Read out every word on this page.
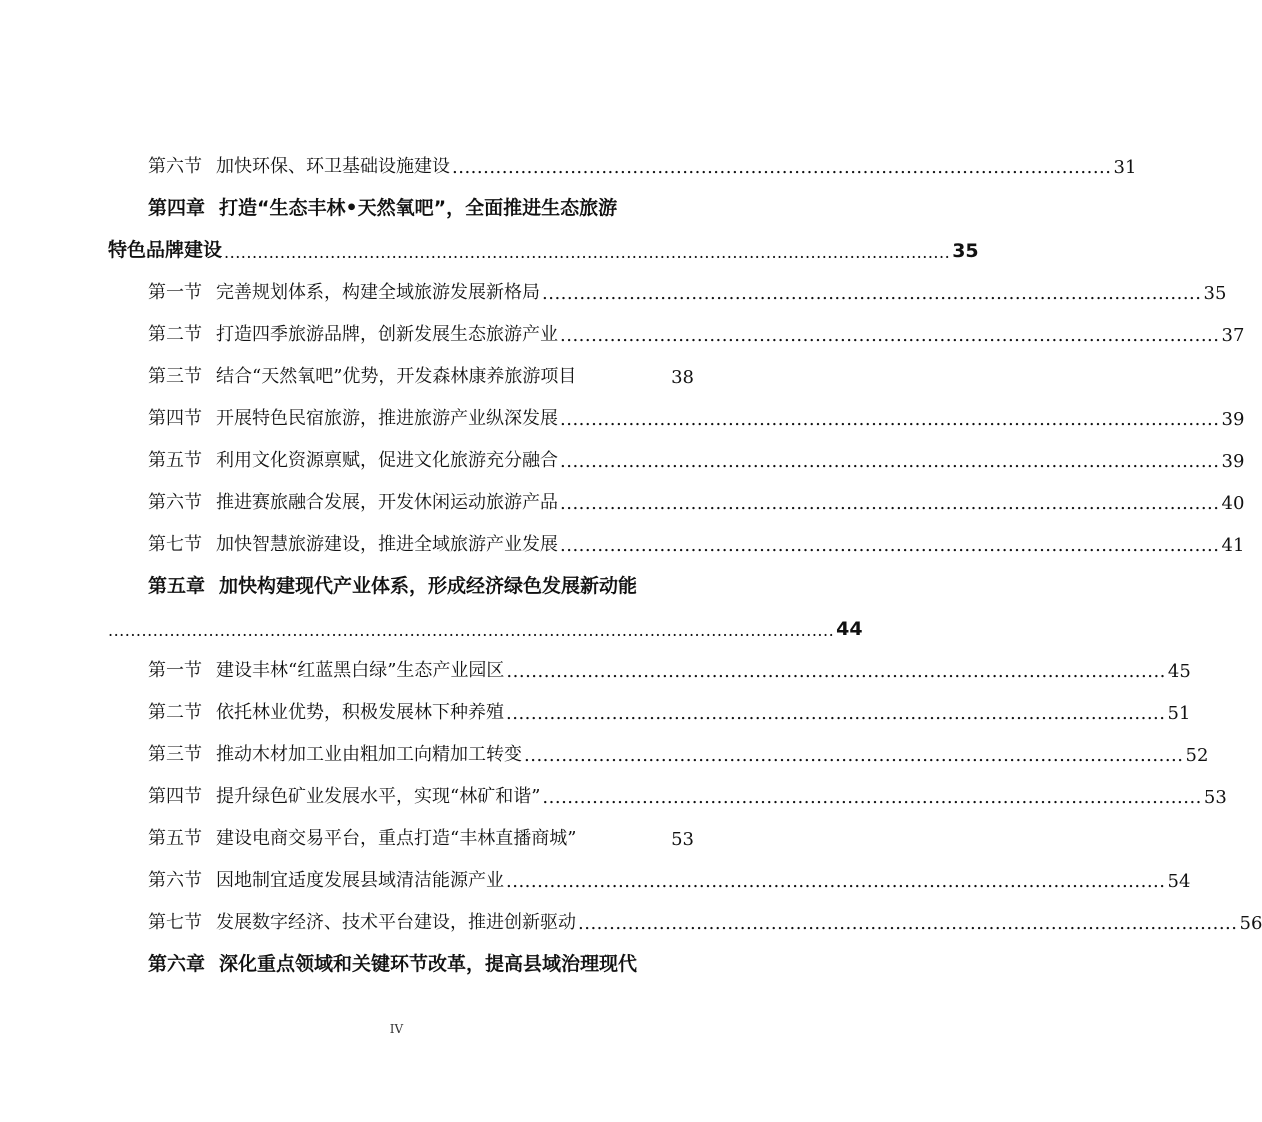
第六节 加快环保、环卫基础设施建设 .......................................................................................................... 31
第四章 打造“生态丰林•天然氧吧”，全面推进生态旅游
特色品牌建设 .................................................................................................................................. 35
第一节 完善规划体系，构建全域旅游发展新格局 .......................................................................................................... 35
第二节 打造四季旅游品牌，创新发展生态旅游产业 .......................................................................................................... 37
第三节 结合“天然氧吧”优势，开发森林康养旅游项目	38
第四节 开展特色民宿旅游，推进旅游产业纵深发展 .......................................................................................................... 39
第五节 利用文化资源禀赋，促进文化旅游充分融合 .......................................................................................................... 39
第六节 推进赛旅融合发展，开发休闲运动旅游产品 .......................................................................................................... 40
第七节 加快智慧旅游建设，推进全域旅游产业发展 .......................................................................................................... 41
第五章 加快构建现代产业体系，形成经济绿色发展新动能
.................................................................................................................................. 44
第一节 建设丰林“红蓝黑白绿”生态产业园区 .......................................................................................................... 45
第二节 依托林业优势，积极发展林下种养殖 .......................................................................................................... 51
第三节 推动木材加工业由粗加工向精加工转变 .......................................................................................................... 52
第四节 提升绿色矿业发展水平，实现“林矿和谐” .......................................................................................................... 53
第五节 建设电商交易平台，重点打造“丰林直播商城”	53
第六节 因地制宜适度发展县域清洁能源产业 .......................................................................................................... 54
第七节 发展数字经济、技术平台建设，推进创新驱动 .......................................................................................................... 56
第六章 深化重点领域和关键环节改革，提高县域治理现代
IV
